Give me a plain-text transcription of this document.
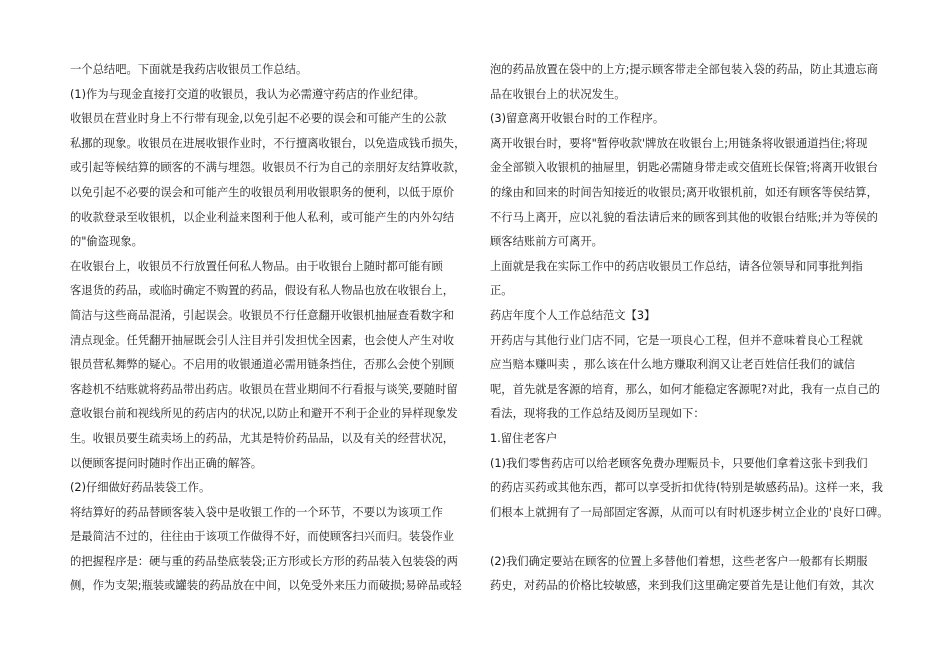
一个总结吧。下面就是我药店收银员工作总结。
(1)作为与现金直接打交道的收银员，我认为必需遵守药店的作业纪律。
收银员在营业时身上不行带有现金,以免引起不必要的误会和可能产生的公款
私挪的现象。收银员在进展收银作业时，不行擅离收银台，以免造成钱币损失，
或引起等候结算的顾客的不满与埋怨。收银员不行为自己的亲朋好友结算收款，
以免引起不必要的误会和可能产生的收银员利用收银职务的便利，以低于原价
的收款登录至收银机，以企业利益来图利于他人私利，或可能产生的内外勾结
的"偷盗现象。
在收银台上，收银员不行放置任何私人物品。由于收银台上随时都可能有顾
客退货的药品，或临时确定不购置的药品，假设有私人物品也放在收银台上，
简洁与这些商品混淆，引起误会。收银员不行任意翻开收银机抽屉查看数字和
清点现金。任凭翻开抽屉既会引人注目并引发担忧全因素，也会使人产生对收
银员营私舞弊的疑心。不启用的收银通道必需用链条挡住，否那么会使个别顾
客趁机不结账就将药品带出药店。收银员在营业期间不行看报与谈笑,要随时留
意收银台前和视线所见的药店内的状况,以防止和避开不利于企业的异样现象发
生。收银员要生疏卖场上的药品，尤其是特价药品品，以及有关的经营状况，
以便顾客提问时随时作出正确的解答。
(2)仔细做好药品装袋工作。
将结算好的药品替顾客装入袋中是收银工作的一个环节，不要以为该项工作
是最简洁不过的，往往由于该项工作做得不好，而使顾客扫兴而归。装袋作业
的把握程序是：硬与重的药品垫底装袋;正方形或长方形的药品装入包装袋的两
侧，作为支架;瓶装或罐装的药品放在中间，以免受外来压力而破损;易碎品或轻
泡的药品放置在袋中的上方;提示顾客带走全部包装入袋的药品，防止其遗忘商
品在收银台上的状况发生。
(3)留意离开收银台时的工作程序。
离开收银台时，要将"暂停收款'牌放在收银台上;用链条将收银通道挡住;将现
金全部锁入收银机的抽屉里，钥匙必需随身带走或交值班长保管;将离开收银台
的缘由和回来的时间告知接近的收银员;离开收银机前，如还有顾客等侯结算，
不行马上离开，应以礼貌的看法请后来的顾客到其他的收银台结账;并为等侯的
顾客结账前方可离开。
上面就是我在实际工作中的药店收银员工作总结，请各位领导和同事批判指
正。
药店年度个人工作总结范文【3】
开药店与其他行业门店不同，它是一项良心工程，但并不意味着良心工程就
应当赔本赚叫卖 ，那么该在什么地方赚取利润又让老百姓信任我们的诚信
呢，首先就是客源的培育，那么，如何才能稳定客源呢?对此，我有一点自己的
看法，现将我的工作总结及阅历呈现如下：
1.留住老客户
(1)我们零售药店可以给老顾客免费办理赈员卡，只要他们拿着这张卡到我们
的药店买药或其他东西，都可以享受折扣优待(特别是敏感药品)。这样一来，我
们根本上就拥有了一局部固定客源，从而可以有时机逐步树立企业的'良好口碑。
(2)我们确定要站在顾客的位置上多替他们着想，这些老客户一般都有长期服
药史，对药品的价格比较敏感，来到我们这里确定要首先是让他们有效，其次
